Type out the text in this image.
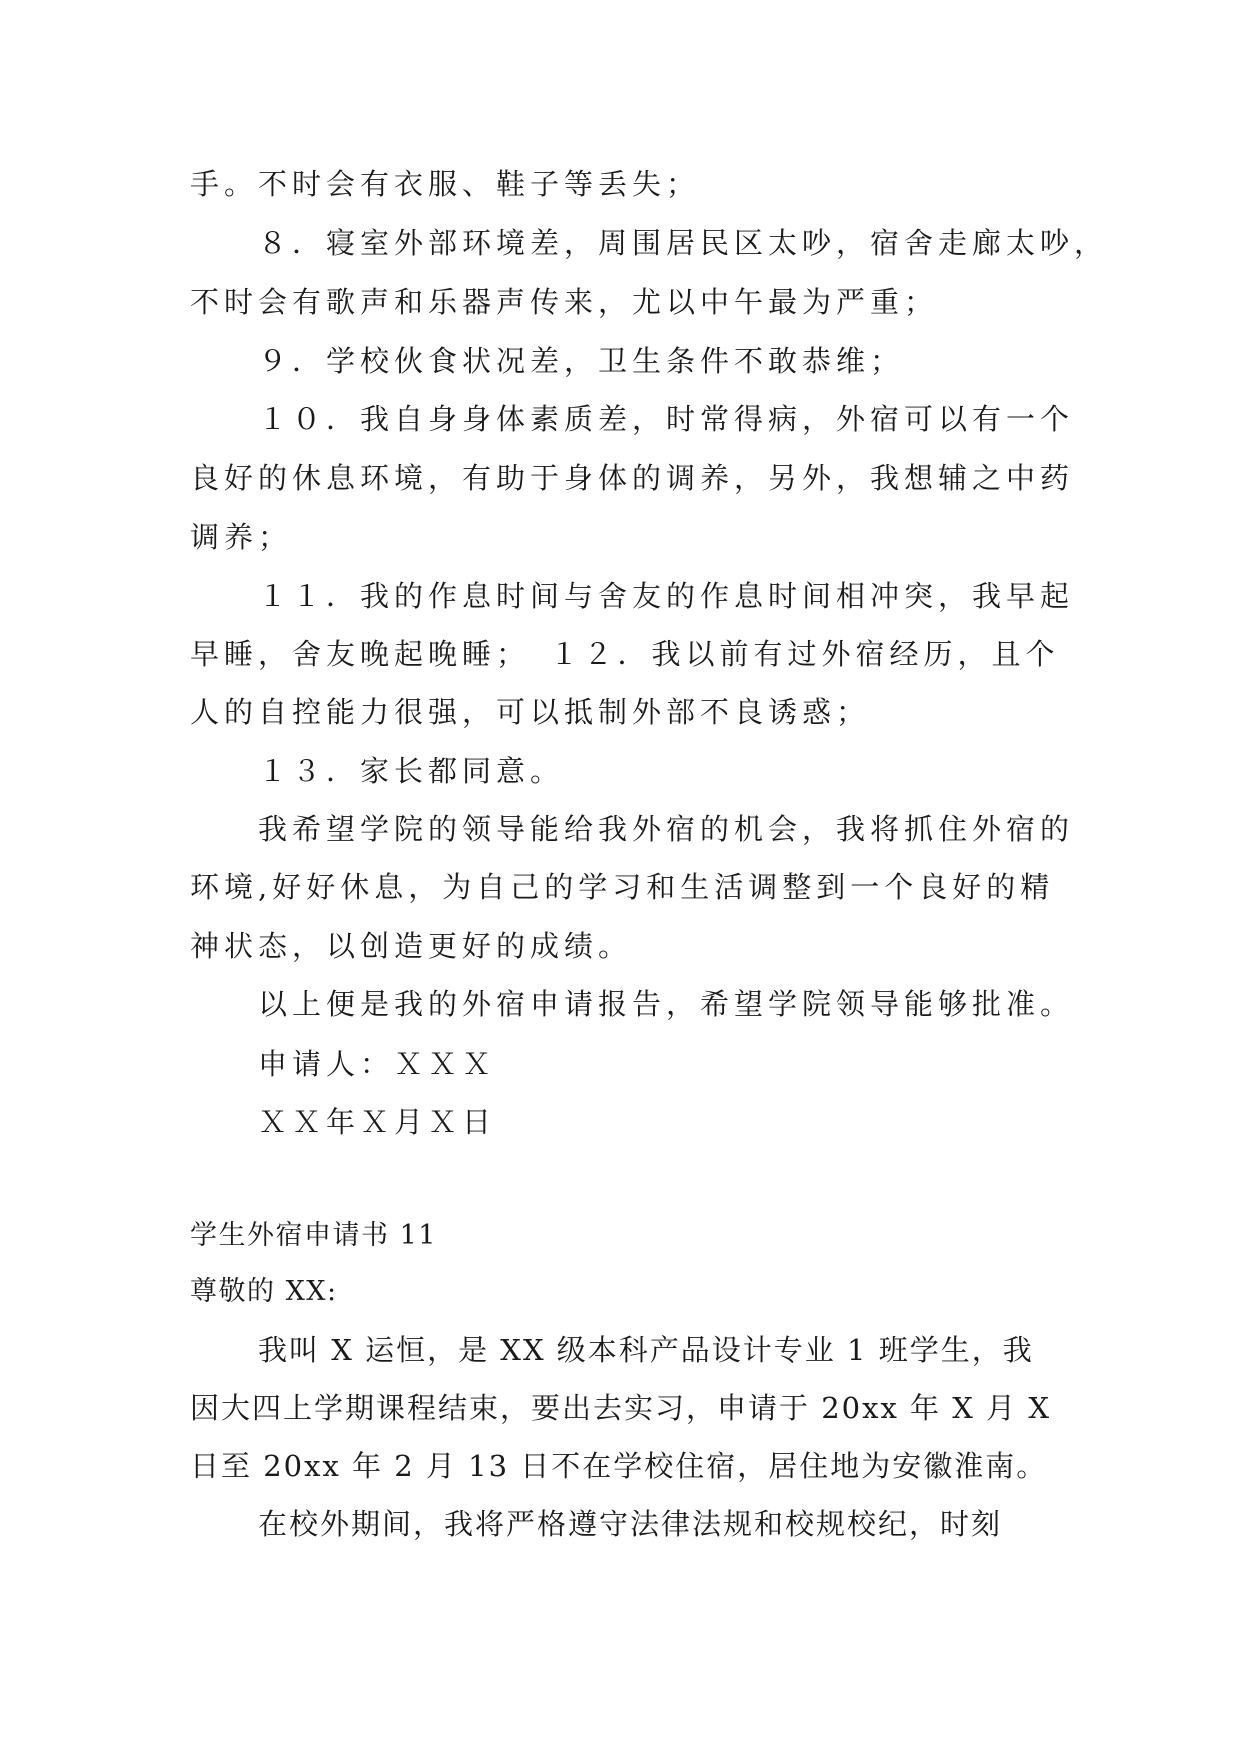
手。不时会有衣服、鞋子等丢失；

８．寝室外部环境差，周围居民区太吵，宿舍走廊太吵，

不时会有歌声和乐器声传来，尤以中午最为严重；

９．学校伙食状况差，卫生条件不敢恭维；

１０．我自身身体素质差，时常得病，外宿可以有一个

良好的休息环境，有助于身体的调养，另外，我想辅之中药

调养；

１１．我的作息时间与舍友的作息时间相冲突，我早起

早睡，舍友晚起晚睡；　１２．我以前有过外宿经历，且个

人的自控能力很强，可以抵制外部不良诱惑；

１３．家长都同意。

我希望学院的领导能给我外宿的机会，我将抓住外宿的

环境,好好休息，为自己的学习和生活调整到一个良好的精

神状态，以创造更好的成绩。

以上便是我的外宿申请报告，希望学院领导能够批准。

申请人：ＸＸＸ

ＸＸ年Ｘ月Ｘ日

学生外宿申请书 11

尊敬的 XX:

我叫 X 运恒，是 XX 级本科产品设计专业 1 班学生，我

因大四上学期课程结束，要出去实习，申请于 20xx 年 X 月 X

日至 20xx 年 2 月 13 日不在学校住宿，居住地为安徽淮南。

在校外期间，我将严格遵守法律法规和校规校纪，时刻
